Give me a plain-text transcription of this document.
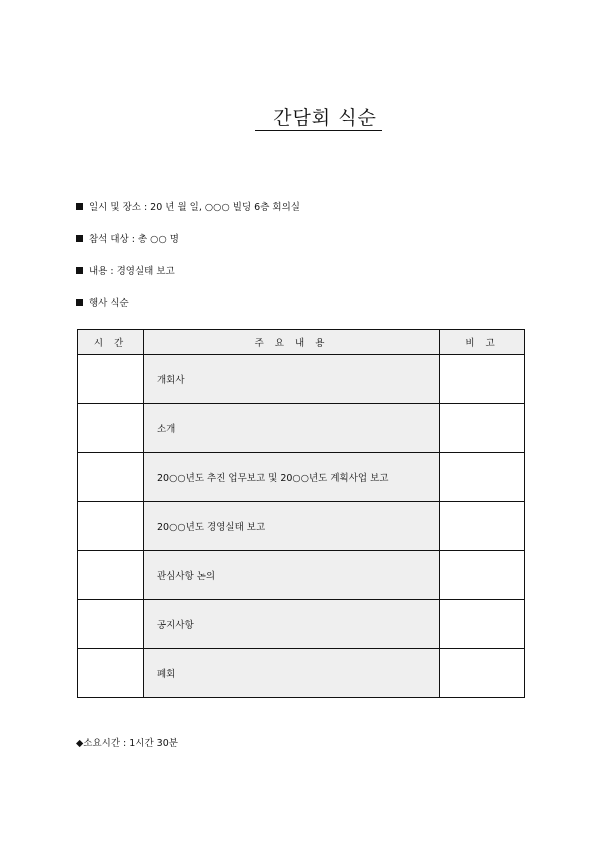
간담회 식순
일시 및 장소 : 20 년 월 일, ○○○ 빌딩 6층 회의실
참석 대상 : 총 ○○ 명
내용 : 경영실태 보고
행사 식순
시 간	주 요 내 용	비 고
	개회사	
	소개	
	20○○년도 추진 업무보고 및 20○○년도 계획사업 보고	
	20○○년도 경영실태 보고	
	관심사항 논의	
	공지사항	
	폐회	
◆소요시간 : 1시간 30분
